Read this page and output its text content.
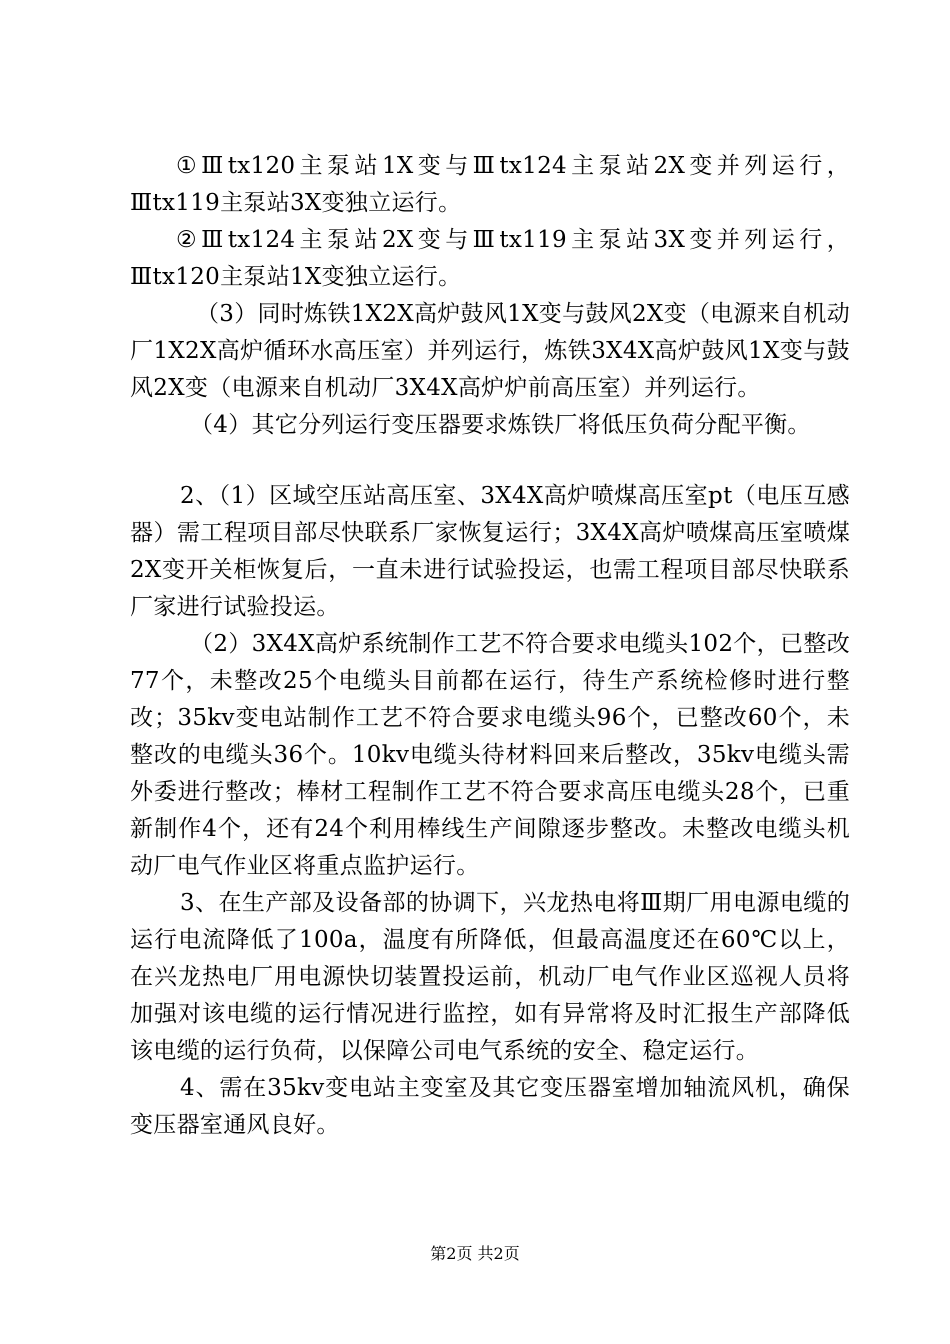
①Ⅲtx120主泵站1X变与Ⅲtx124主泵站2X变并列运行，Ⅲtx119主泵站3X变独立运行。

②Ⅲtx124主泵站2X变与Ⅲtx119主泵站3X变并列运行，Ⅲtx120主泵站1X变独立运行。

（3）同时炼铁1X2X高炉鼓风1X变与鼓风2X变（电源来自机动厂1X2X高炉循环水高压室）并列运行，炼铁3X4X高炉鼓风1X变与鼓风2X变（电源来自机动厂3X4X高炉炉前高压室）并列运行。

（4）其它分列运行变压器要求炼铁厂将低压负荷分配平衡。

2、（1）区域空压站高压室、3X4X高炉喷煤高压室pt（电压互感器）需工程项目部尽快联系厂家恢复运行；3X4X高炉喷煤高压室喷煤2X变开关柜恢复后，一直未进行试验投运，也需工程项目部尽快联系厂家进行试验投运。

（2）3X4X高炉系统制作工艺不符合要求电缆头102个，已整改77个，未整改25个电缆头目前都在运行，待生产系统检修时进行整改；35kv变电站制作工艺不符合要求电缆头96个，已整改60个，未整改的电缆头36个。10kv电缆头待材料回来后整改，35kv电缆头需外委进行整改；棒材工程制作工艺不符合要求高压电缆头28个，已重新制作4个，还有24个利用棒线生产间隙逐步整改。未整改电缆头机动厂电气作业区将重点监护运行。

3、在生产部及设备部的协调下，兴龙热电将Ⅲ期厂用电源电缆的运行电流降低了100a，温度有所降低，但最高温度还在60℃以上，在兴龙热电厂用电源快切装置投运前，机动厂电气作业区巡视人员将加强对该电缆的运行情况进行监控，如有异常将及时汇报生产部降低该电缆的运行负荷，以保障公司电气系统的安全、稳定运行。

4、需在35kv变电站主变室及其它变压器室增加轴流风机，确保变压器室通风良好。

第2页 共2页
